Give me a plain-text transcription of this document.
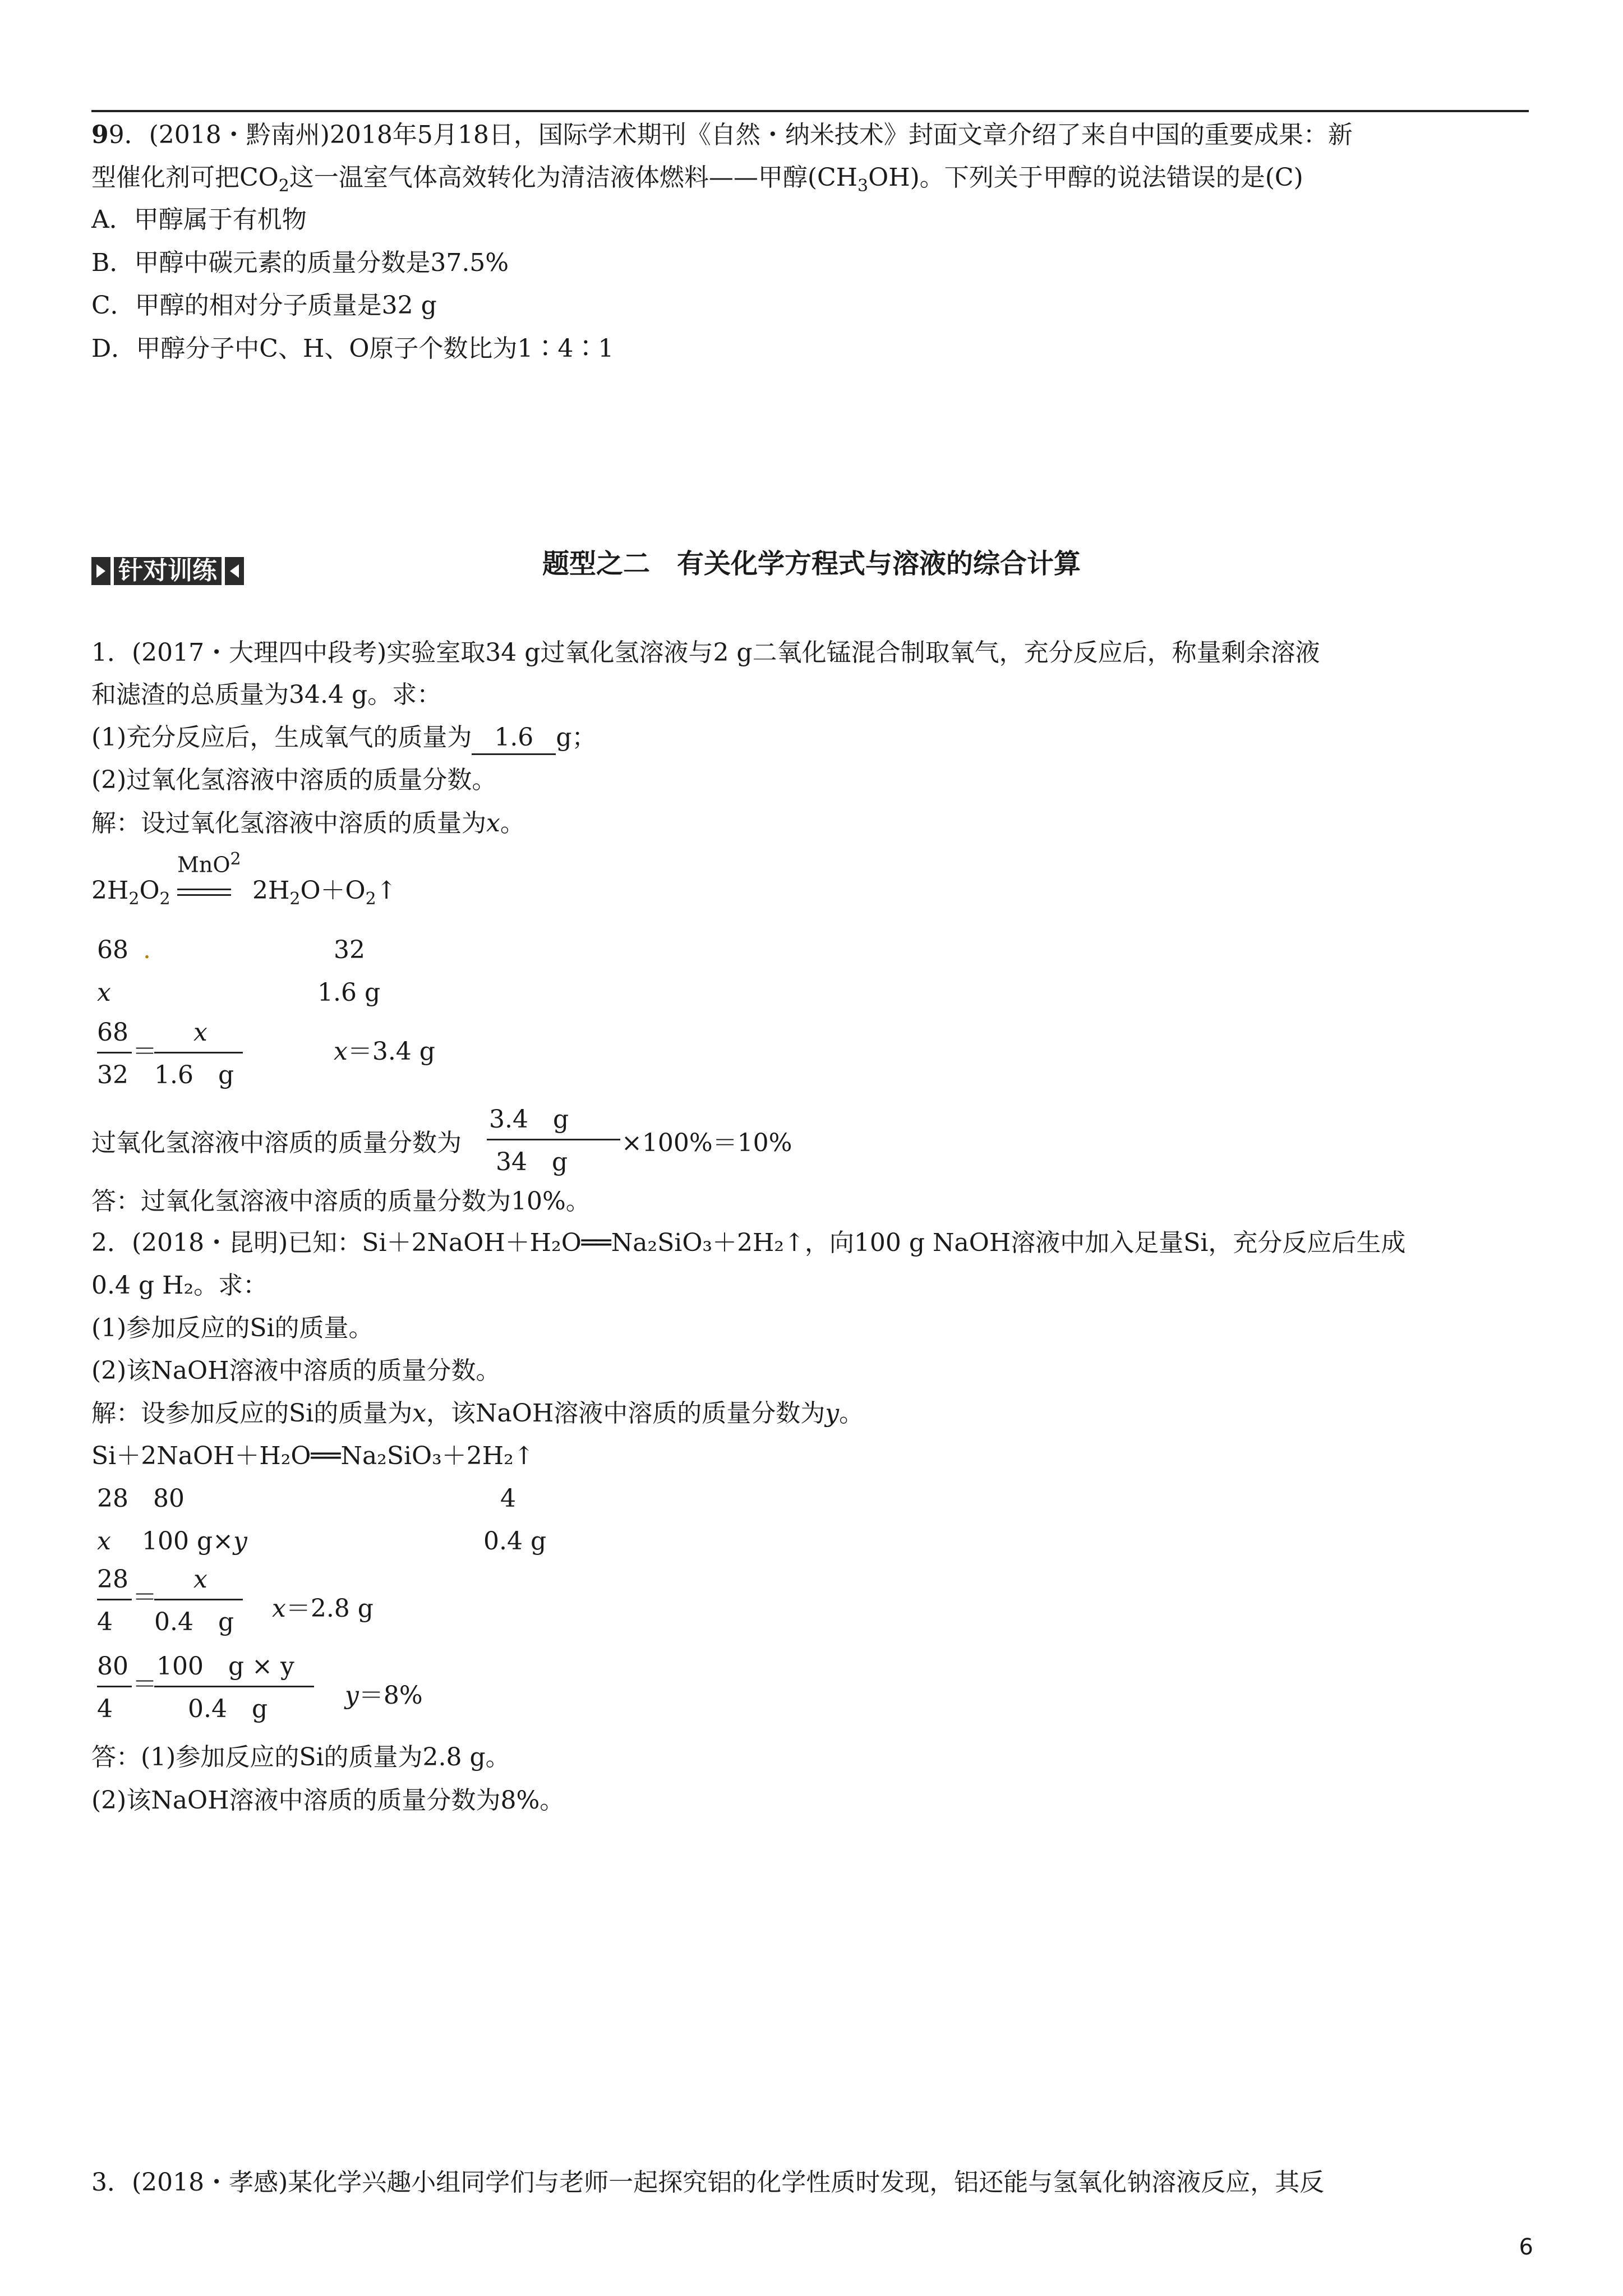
99．(2018・黔南州)2018年5月18日，国际学术期刊《自然・纳米技术》封面文章介绍了来自中国的重要成果：新
型催化剂可把$CO_2$这一温室气体高效转化为清洁液体燃料——甲醇$(CH_3OH)$。下列关于甲醇的说法错误的是(C)
A．甲醇属于有机物
B．甲醇中碳元素的质量分数是37.5%
C．甲醇的相对分子质量是32 g
D．甲醇分子中C、H、O原子个数比为1∶4∶1
题型之二　有关化学方程式与溶液的综合计算
针对训练
1．(2017・大理四中段考)实验室取34 g过氧化氢溶液与2 g二氧化锰混合制取氧气，充分反应后，称量剩余溶液
和滤渣的总质量为34.4 g。求：
(1)充分反应后，生成氧气的质量为 1.6 g；
(2)过氧化氢溶液中溶质的质量分数。
解：设过氧化氢溶液中溶质的质量为x。
$2H_2O_2$
MnO$^2$
$2H_2O+O_2↑$
68 .	32
x	1.6 g
68
32
＝
x
1.6　g
x＝3.4 g
过氧化氢溶液中溶质的质量分数为
3.4　g
34　g
×100%＝10%
答：过氧化氢溶液中溶质的质量分数为10%。
2．(2018・昆明)已知：Si＋2NaOH＋H₂O══Na₂SiO₃＋2H₂↑，向100 g NaOH溶液中加入足量Si，充分反应后生成
0.4 g H₂。求：
(1)参加反应的Si的质量。
(2)该NaOH溶液中溶质的质量分数。
解：设参加反应的Si的质量为x，该NaOH溶液中溶质的质量分数为y。
Si＋2NaOH＋H₂O══Na₂SiO₃＋2H₂↑
28 80	4
x 100 g×y	0.4 g
28
4
＝
x
0.4　g x＝2.8 g
80
4
＝
100　g × y
0.4　g	y＝8%
答：(1)参加反应的Si的质量为2.8 g。
(2)该NaOH溶液中溶质的质量分数为8%。
3．(2018・孝感)某化学兴趣小组同学们与老师一起探究铝的化学性质时发现，铝还能与氢氧化钠溶液反应，其反
6
